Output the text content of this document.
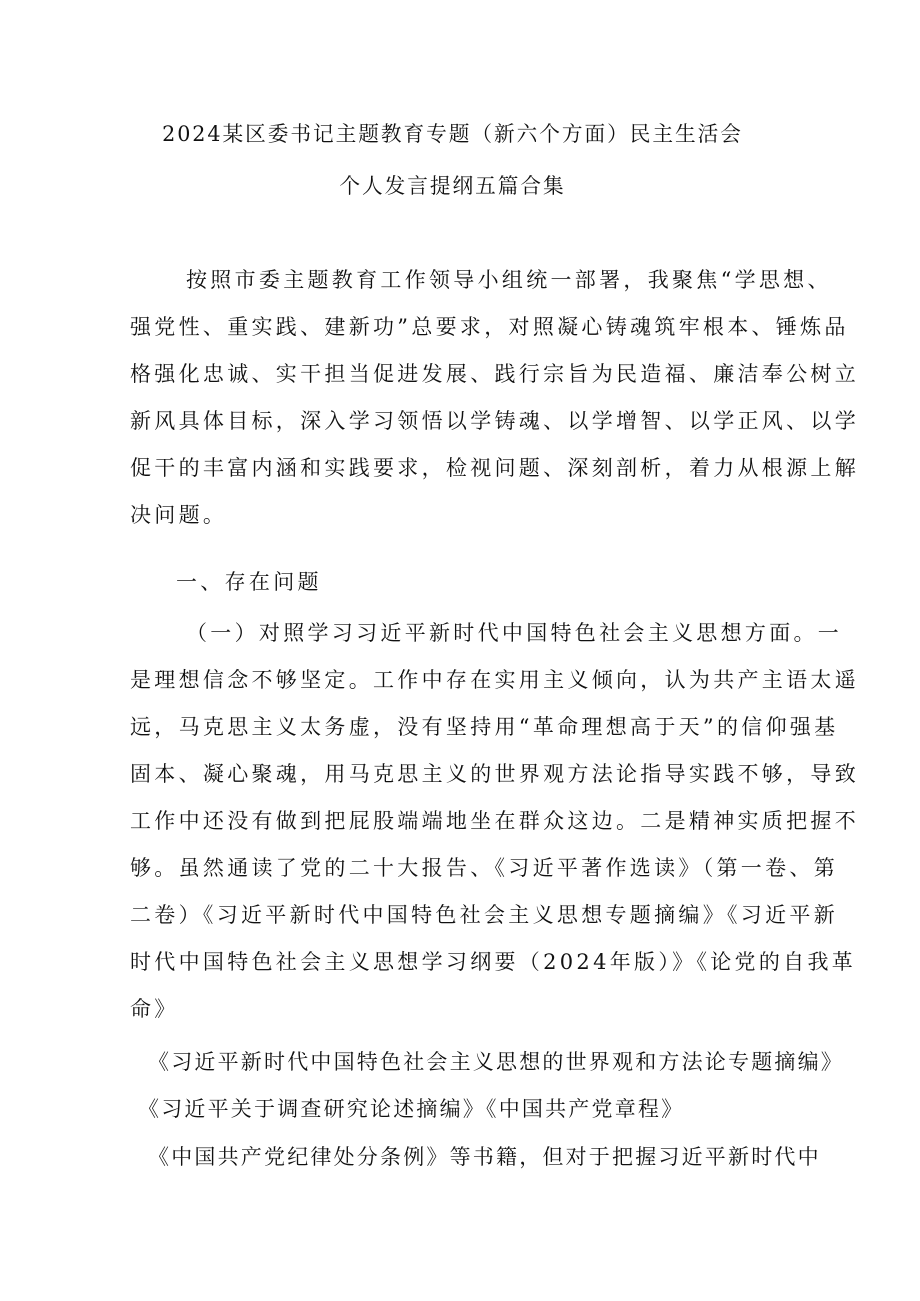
2024某区委书记主题教育专题（新六个方面）民主生活会
个人发言提纲五篇合集
按照市委主题教育工作领导小组统一部署，我聚焦“学思想、
强党性、重实践、建新功”总要求，对照凝心铸魂筑牢根本、锤炼品
格强化忠诚、实干担当促进发展、践行宗旨为民造福、廉洁奉公树立
新风具体目标，深入学习领悟以学铸魂、以学增智、以学正风、以学
促干的丰富内涵和实践要求，检视问题、深刻剖析，着力从根源上解
决问题。
一、存在问题
（一）对照学习习近平新时代中国特色社会主义思想方面。一
是理想信念不够坚定。工作中存在实用主义倾向，认为共产主语太遥
远，马克思主义太务虚，没有坚持用“革命理想高于天”的信仰强基
固本、凝心聚魂，用马克思主义的世界观方法论指导实践不够，导致
工作中还没有做到把屁股端端地坐在群众这边。二是精神实质把握不
够。虽然通读了党的二十大报告、《习近平著作选读》（第一卷、第
二卷）《习近平新时代中国特色社会主义思想专题摘编》《习近平新
时代中国特色社会主义思想学习纲要（2024年版）》《论党的自我革
命》
《习近平新时代中国特色社会主义思想的世界观和方法论专题摘编》
《习近平关于调查研究论述摘编》《中国共产党章程》
《中国共产党纪律处分条例》等书籍，但对于把握习近平新时代中
